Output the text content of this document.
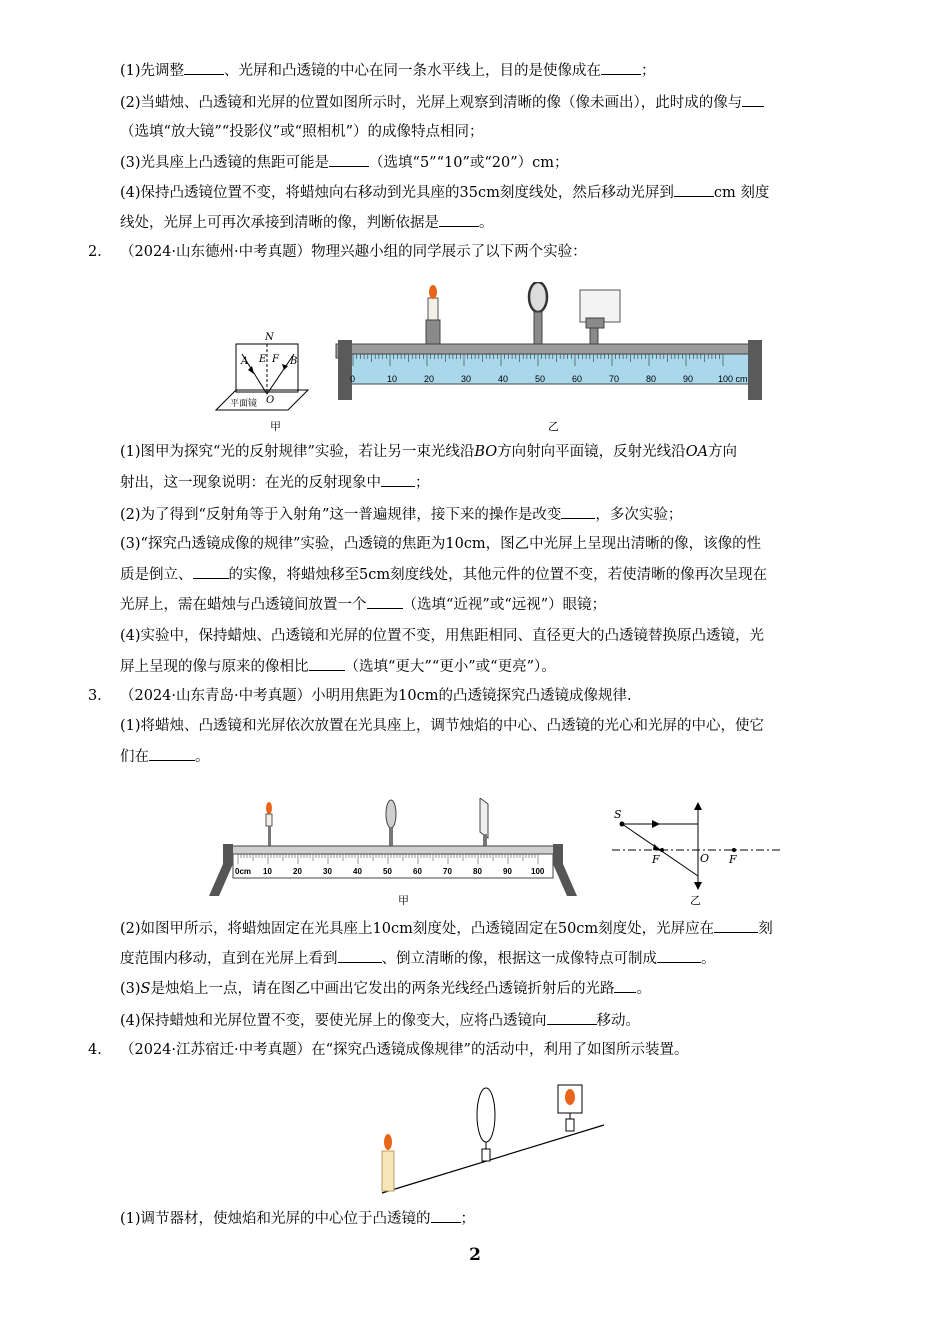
(1)先调整	、光屏和凸透镜的中心在同一条水平线上，目的是使像成在	；
(2)当蜡烛、凸透镜和光屏的位置如图所示时，光屏上观察到清晰的像（像未画出），此时成的像与
（选填“放大镜”“投影仪”或“照相机”）的成像特点相同；
(3)光具座上凸透镜的焦距可能是	（选填“5”“10”或“20”）cm；
(4)保持凸透镜位置不变，将蜡烛向右移动到光具座的35cm刻度线处，然后移动光屏到	cm 刻度
线处，光屏上可再次承接到清晰的像，判断依据是	。
2． （2024·山东德州·中考真题）物理兴趣小组的同学展示了以下两个实验：
N
A E F B
O
平面镜
甲
0	10	20	30	40	50	60	70	80	90	100 cm
乙
(1)图甲为探究“光的反射规律”实验，若让另一束光线沿BO方向射向平面镜，反射光线沿OA方向
射出，这一现象说明：在光的反射现象中 ；
(2)为了得到“反射角等于入射角”这一普遍规律，接下来的操作是改变 ，多次实验；
(3)“探究凸透镜成像的规律”实验，凸透镜的焦距为10cm，图乙中光屏上呈现出清晰的像，该像的性
质是倒立、 的实像，将蜡烛移至5cm刻度线处，其他元件的位置不变，若使清晰的像再次呈现在
光屏上，需在蜡烛与凸透镜间放置一个 （选填“近视”或“远视”）眼镜；
(4)实验中，保持蜡烛、凸透镜和光屏的位置不变，用焦距相同、直径更大的凸透镜替换原凸透镜，光
屏上呈现的像与原来的像相比 （选填“更大”“更小”或“更亮”）。
3． （2024·山东青岛·中考真题）小明用焦距为10cm的凸透镜探究凸透镜成像规律.
(1)将蜡烛、凸透镜和光屏依次放置在光具座上，调节烛焰的中心、凸透镜的光心和光屏的中心，使它
们在	。
0cm 10	20	30	40	50	60	70	80	90 100
甲
S
F	O F
乙
(2)如图甲所示，将蜡烛固定在光具座上10cm刻度处，凸透镜固定在50cm刻度处，光屏应在	刻
度范围内移动，直到在光屏上看到	、倒立清晰的像，根据这一成像特点可制成	。
(3)S是烛焰上一点，请在图乙中画出它发出的两条光线经凸透镜折射后的光路 。
(4)保持蜡烛和光屏位置不变，要使光屏上的像变大，应将凸透镜向	移动。
4． （2024·江苏宿迁·中考真题）在“探究凸透镜成像规律”的活动中，利用了如图所示装置。
(1)调节器材，使烛焰和光屏的中心位于凸透镜的 ；
2
